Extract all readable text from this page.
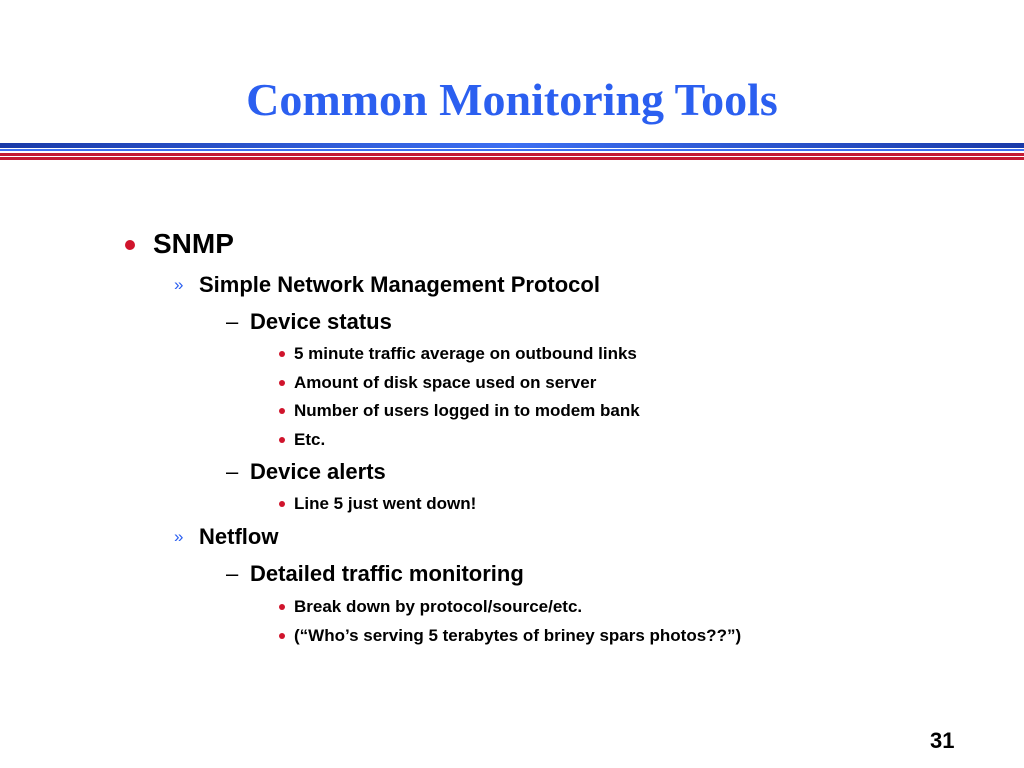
Common Monitoring Tools
SNMP
» Simple Network Management Protocol
– Device status
5 minute traffic average on outbound links
Amount of disk space used on server
Number of users logged in to modem bank
Etc.
– Device alerts
Line 5 just went down!
» Netflow
– Detailed traffic monitoring
Break down by protocol/source/etc.
(“Who’s serving 5 terabytes of briney spars photos??”)
31
